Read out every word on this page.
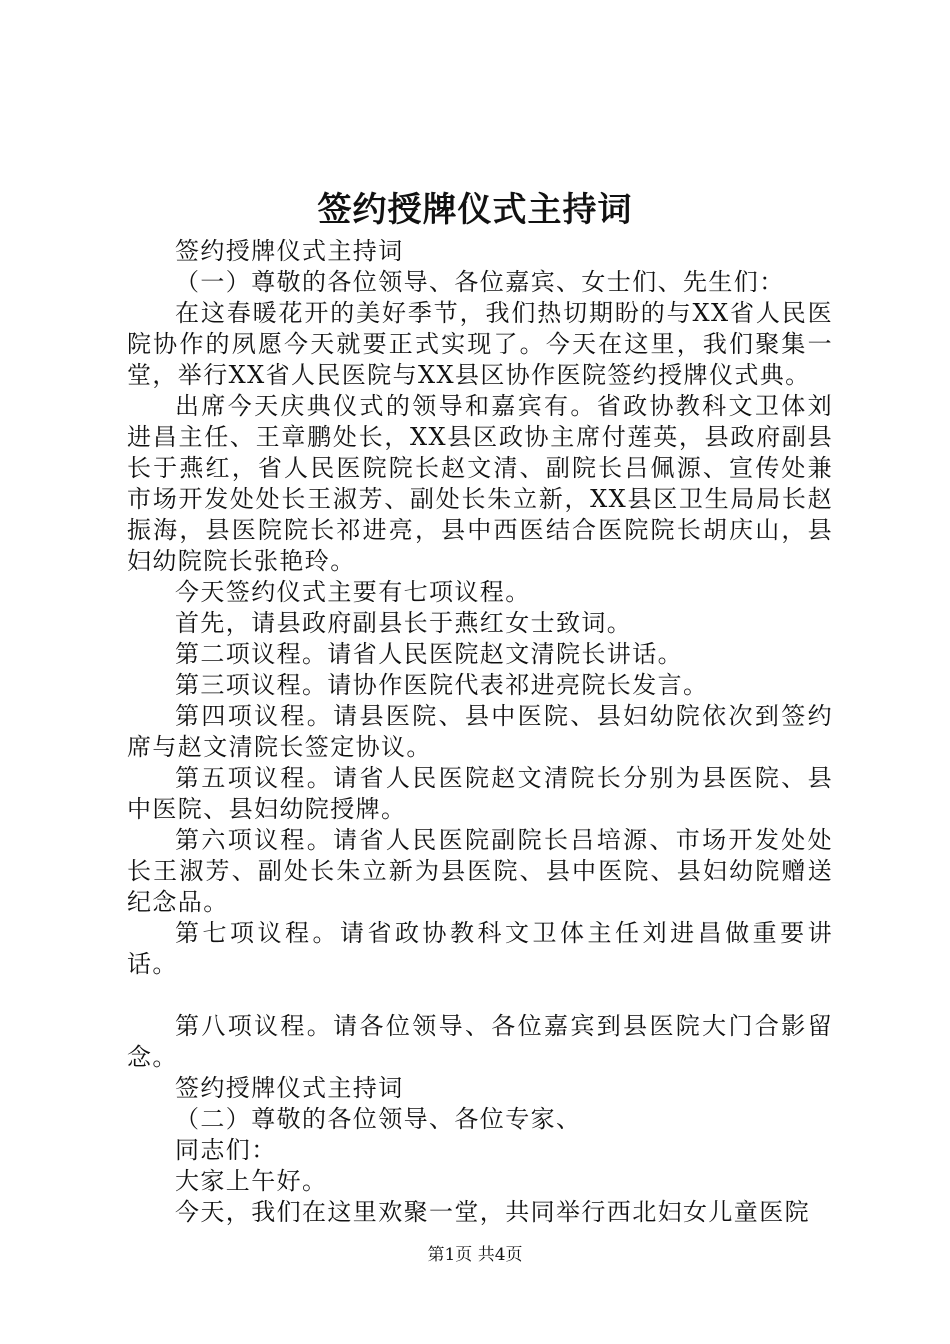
签约授牌仪式主持词

签约授牌仪式主持词

（一）尊敬的各位领导、各位嘉宾、女士们、先生们：

在这春暖花开的美好季节，我们热切期盼的与XX省人民医院协作的夙愿今天就要正式实现了。今天在这里，我们聚集一堂，举行XX省人民医院与XX县区协作医院签约授牌仪式典。

出席今天庆典仪式的领导和嘉宾有。省政协教科文卫体刘进昌主任、王章鹏处长，XX县区政协主席付莲英，县政府副县长于燕红，省人民医院院长赵文清、副院长吕佩源、宣传处兼市场开发处处长王淑芳、副处长朱立新，XX县区卫生局局长赵振海，县医院院长祁进亮，县中西医结合医院院长胡庆山，县妇幼院院长张艳玲。

今天签约仪式主要有七项议程。

首先，请县政府副县长于燕红女士致词。

第二项议程。请省人民医院赵文清院长讲话。

第三项议程。请协作医院代表祁进亮院长发言。

第四项议程。请县医院、县中医院、县妇幼院依次到签约席与赵文清院长签定协议。

第五项议程。请省人民医院赵文清院长分别为县医院、县中医院、县妇幼院授牌。

第六项议程。请省人民医院副院长吕培源、市场开发处处长王淑芳、副处长朱立新为县医院、县中医院、县妇幼院赠送纪念品。

第七项议程。请省政协教科文卫体主任刘进昌做重要讲话。

第八项议程。请各位领导、各位嘉宾到县医院大门合影留念。

签约授牌仪式主持词

（二）尊敬的各位领导、各位专家、

同志们：

大家上午好。

今天，我们在这里欢聚一堂，共同举行西北妇女儿童医院

第1页 共4页
